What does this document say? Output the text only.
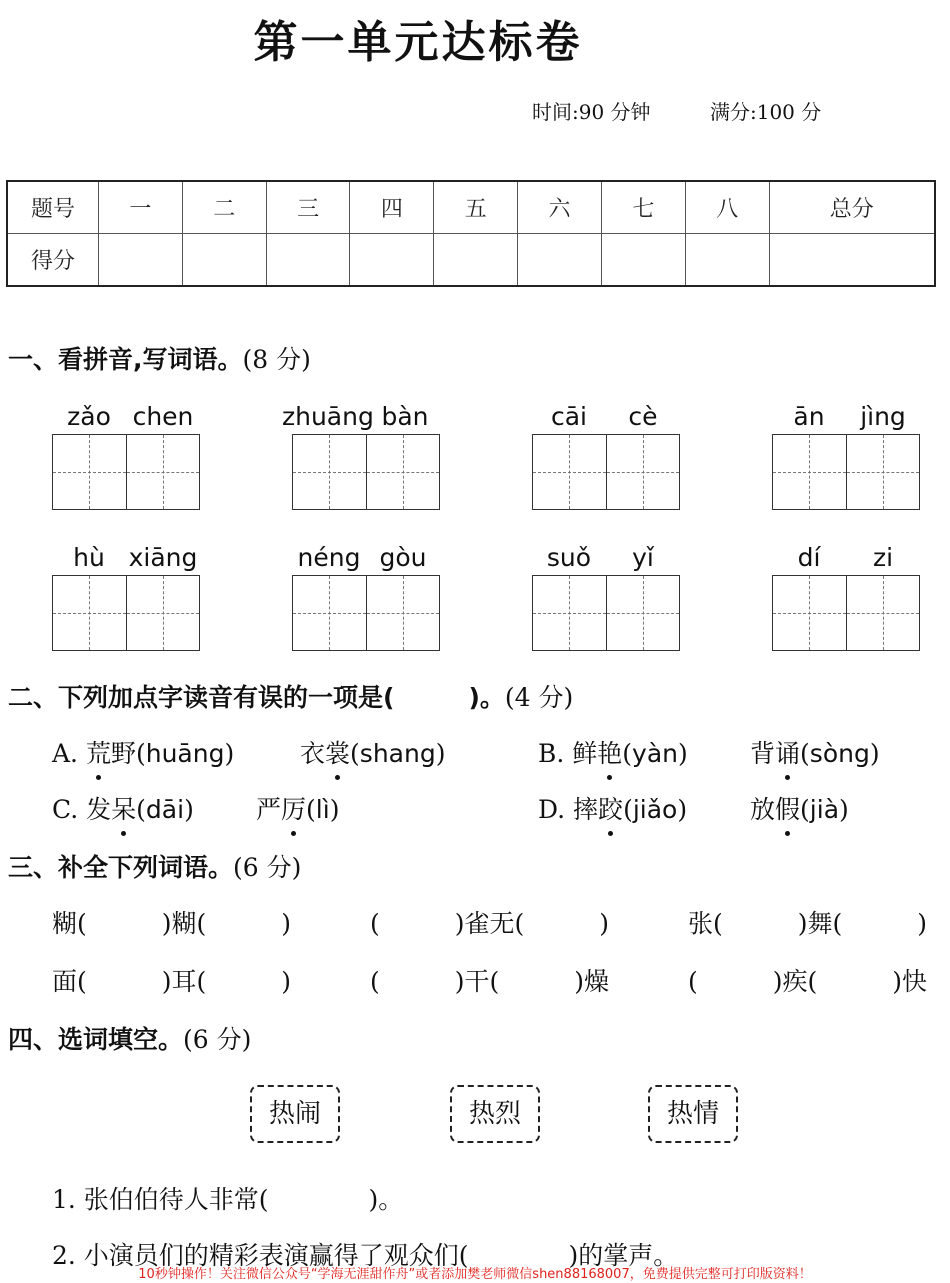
第一单元达标卷
时间:90 分钟	满分:100 分
题号	一	二	三	四	五	六	七	八	总分
得分									
一、看拼音,写词语。(8 分)
zǎo chen	zhuāng bàn	cāi	cè	ān	jìng
hù xiāng	néng gòu	suǒ	yǐ	dí	zi
二、下列加点字读音有误的一项是(	)。(4 分)
A. 荒野(huāng)	衣裳(shang)	B. 鲜艳(yàn) 背诵(sòng)
C. 发呆(dāi) 严厉(lì)	D. 摔跤(jiǎo)	放假(jià)
三、补全下列词语。(6 分)
糊(　　　)糊(　　　)	(　　　)雀无(　　　)	张(　　　)舞(　　　)
面(　　　)耳(　　　)	(　　　)干(　　　)燥	(　　　)疾(　　　)快
四、选词填空。(6 分)
热闹	热烈	热情
1. 张伯伯待人非常(　　　　)。
2. 小演员们的精彩表演赢得了观众们(　　　　)的掌声。
10秒钟操作！关注微信公众号“学海无涯甜作舟”或者添加樊老师微信shen88168007，免费提供完整可打印版资料！
